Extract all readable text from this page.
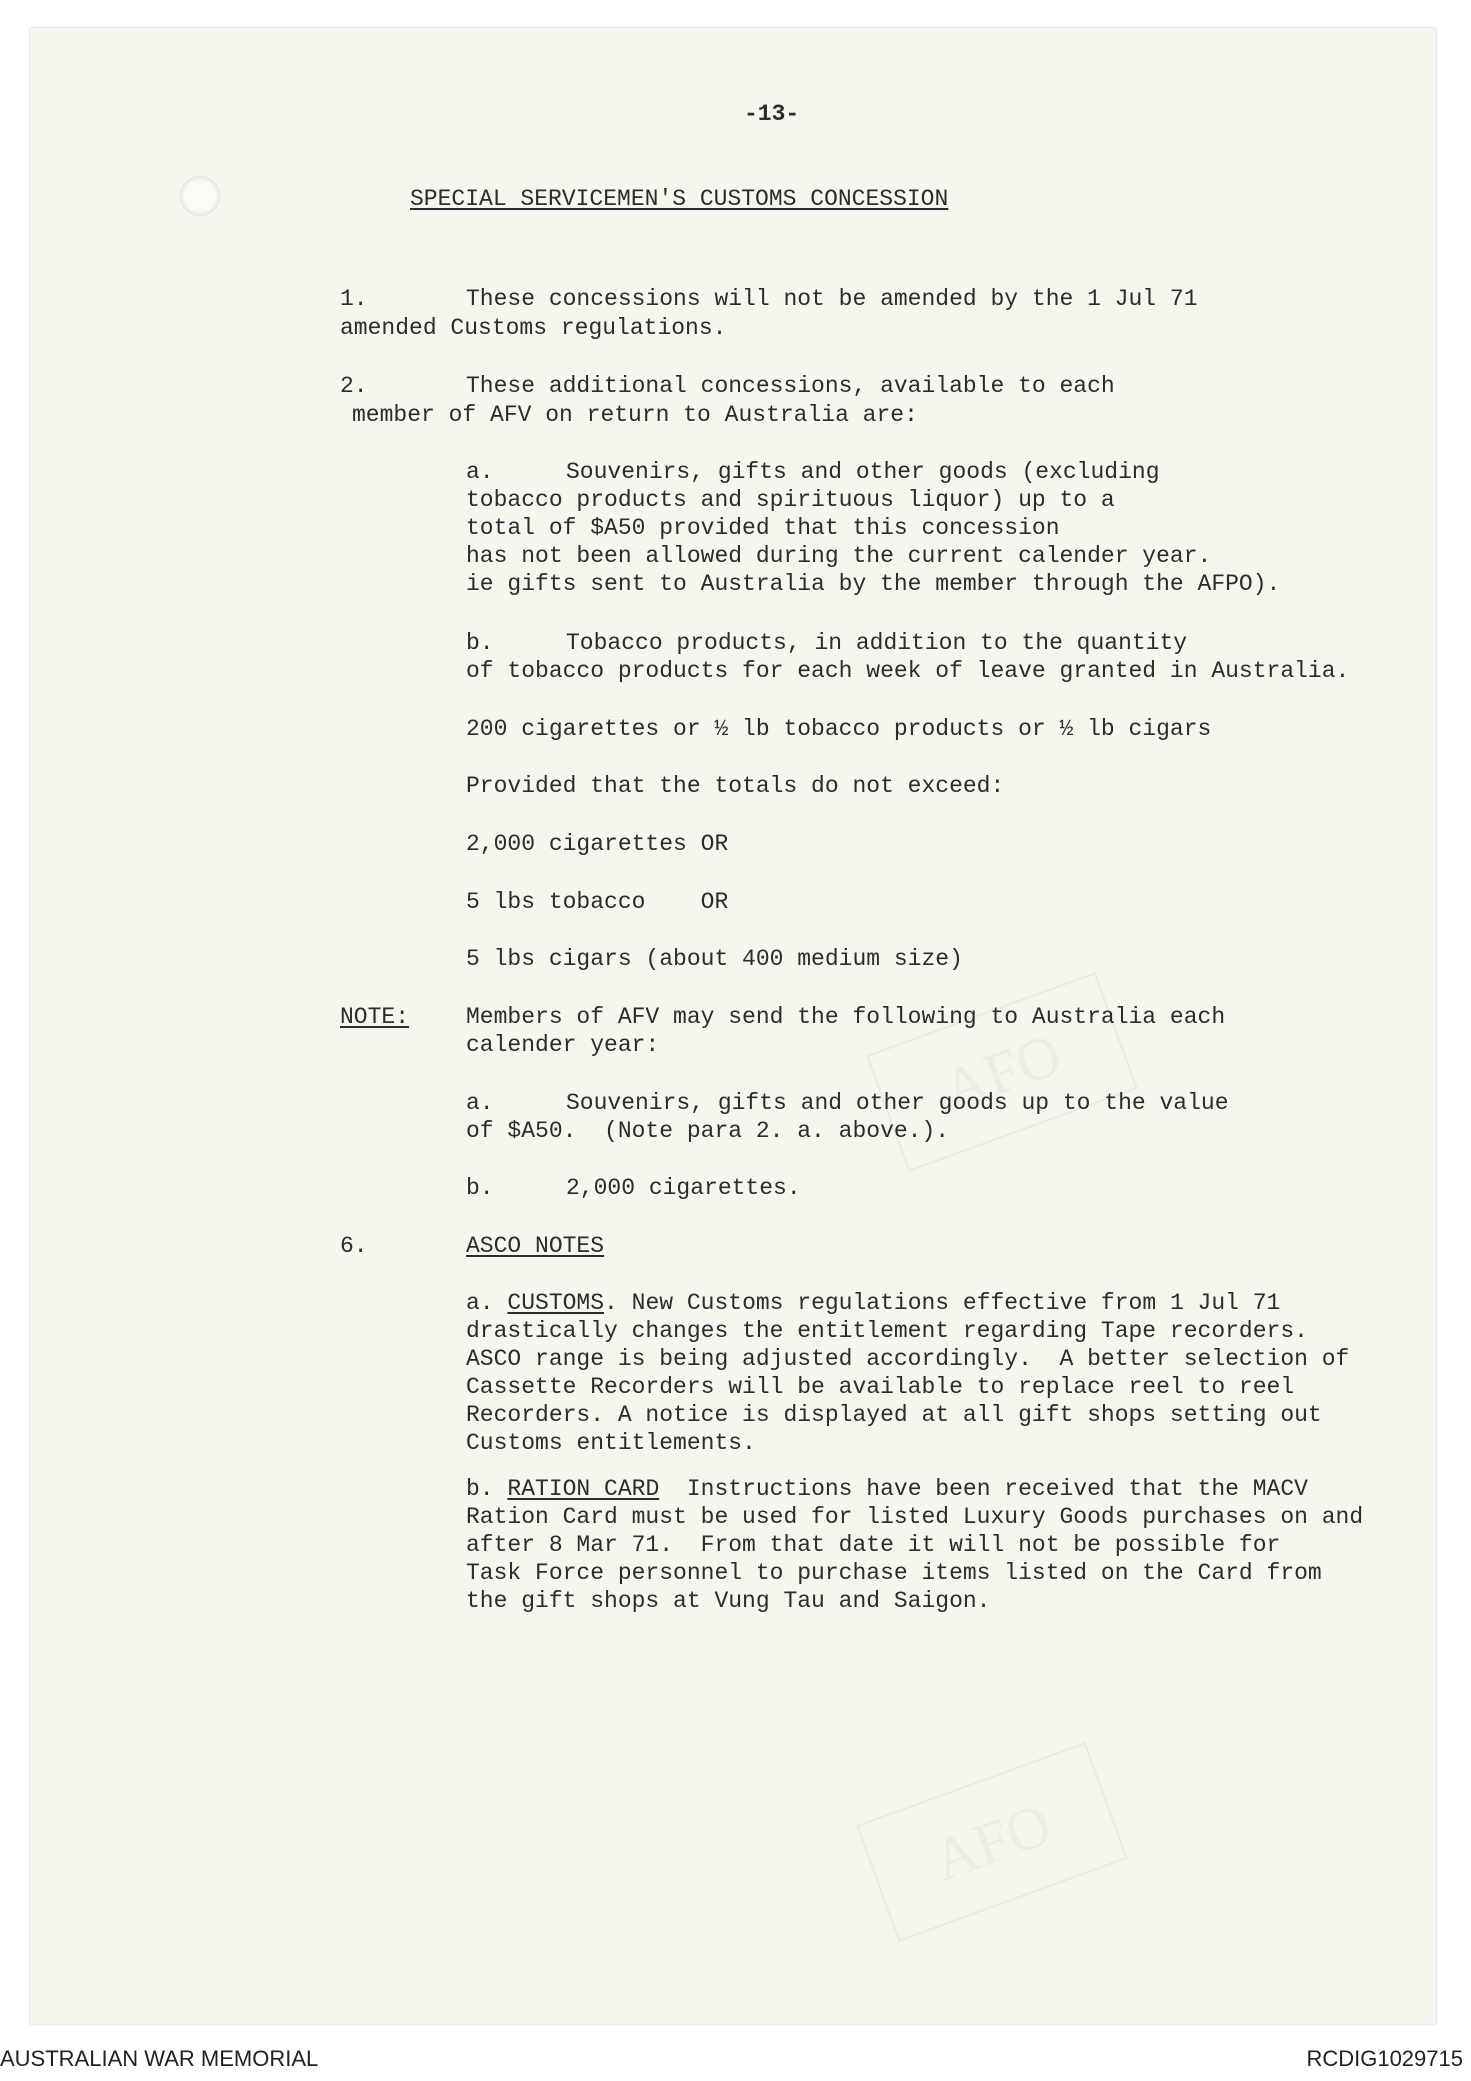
AFO
AFO
-13-
SPECIAL SERVICEMEN'S CUSTOMS CONCESSION
1.	These concessions will not be amended by the 1 Jul 71
amended Customs regulations.
2.	These additional concessions, available to each
member of AFV on return to Australia are:
a.	Souvenirs, gifts and other goods (excluding
tobacco products and spirituous liquor) up to a
total of $A50 provided that this concession
has not been allowed during the current calender year.
ie gifts sent to Australia by the member through the AFPO).
b.	Tobacco products, in addition to the quantity
of tobacco products for each week of leave granted in Australia.
200 cigarettes or ½ lb tobacco products or ½ lb cigars
Provided that the totals do not exceed:
2,000 cigarettes OR
5 lbs tobacco    OR
5 lbs cigars (about 400 medium size)
NOTE: Members of AFV may send the following to Australia each
calender year:
a.	Souvenirs, gifts and other goods up to the value
of $A50.  (Note para 2. a. above.).
b.	2,000 cigarettes.
6.	ASCO NOTES
a. CUSTOMS. New Customs regulations effective from 1 Jul 71
drastically changes the entitlement regarding Tape recorders.
ASCO range is being adjusted accordingly.  A better selection of
Cassette Recorders will be available to replace reel to reel
Recorders. A notice is displayed at all gift shops setting out
Customs entitlements.
b. RATION CARD  Instructions have been received that the MACV
Ration Card must be used for listed Luxury Goods purchases on and
after 8 Mar 71.  From that date it will not be possible for
Task Force personnel to purchase items listed on the Card from
the gift shops at Vung Tau and Saigon.
AUSTRALIAN WAR MEMORIAL	RCDIG1029715
